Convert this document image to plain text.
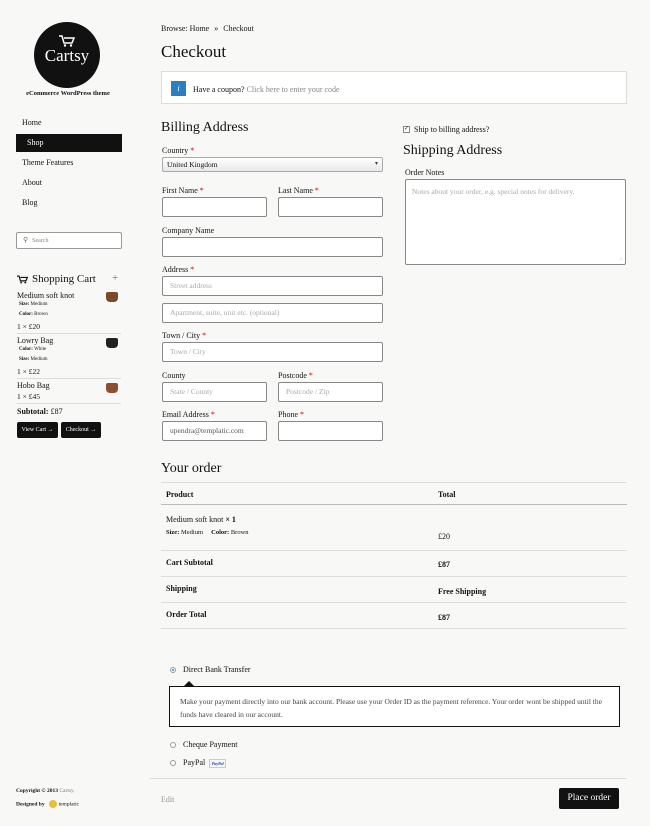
Cartsy
eCommerce WordPress theme
Home
Shop
Theme Features
About
Blog
⚲ Search
Shopping Cart +
Medium soft knot
Size: Medium
Color: Brown
1 × £20
Lowry Bag
Color: White
Size: Medium
1 × £22
Hobo Bag
1 × £45
Subtotal: £87
View Cart →	Checkout →
Copyright © 2013 Cartsy.
Designed by	templatic
Browse: Home » Checkout
Checkout
i	Have a coupon? Click here to enter your code
Billing Address
Country *
United Kingdom	▾
First Name *	Last Name *
Company Name
Address *
Street address
Apartment, suite, unit etc. (optional)
Town / City *
Town / City
County
State / County
Postcode *
Postcode / Zip
Email Address *
upendra@templatic.com
Phone *
✓ Ship to billing address?
Shipping Address
Order Notes
Notes about your order, e.g. special notes for delivery.
.:
Your order
Product	Total
Medium soft knot × 1
Size: Medium Color: Brown	£20
Cart Subtotal	£87
Shipping	Free Shipping
Order Total	£87
Direct Bank Transfer
Make your payment directly into our bank account. Please use your Order ID as the payment reference. Your order wont be shipped until the funds have cleared in our account.
Cheque Payment
PayPal PayPal
Edit	Place order
